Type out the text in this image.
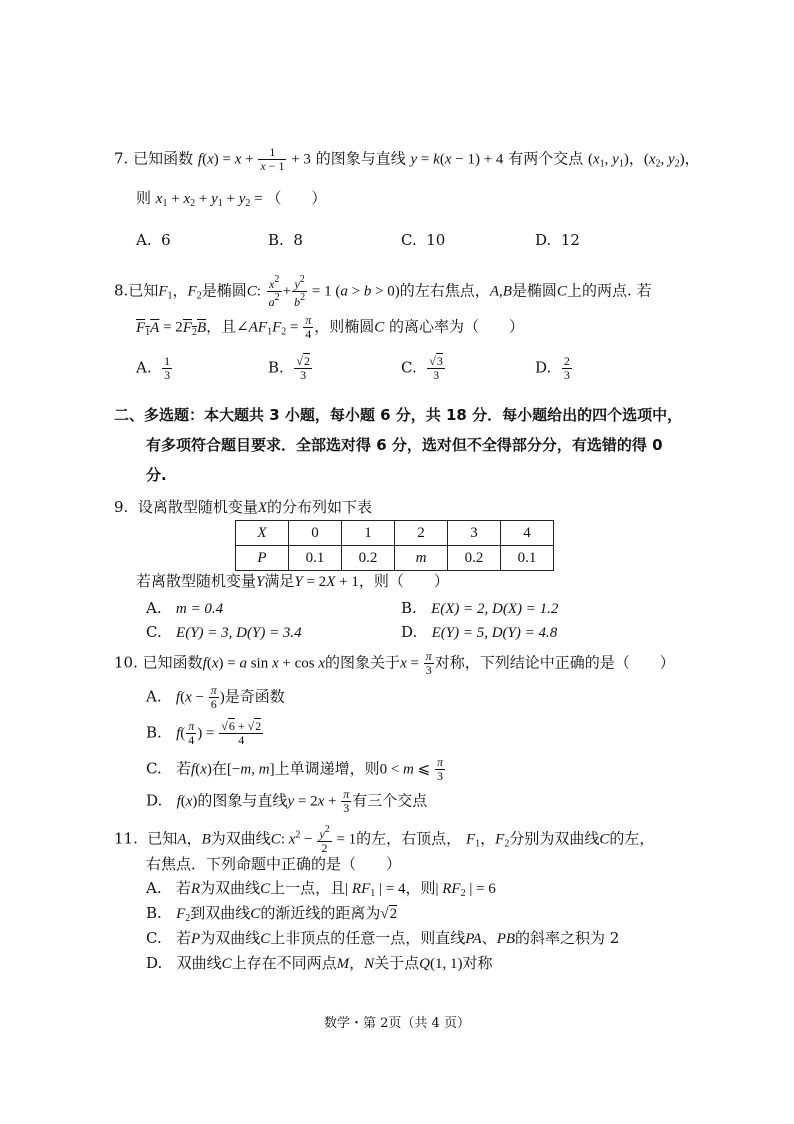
7. 已知函数 $f(x) = x + \frac{1}{x - 1} + 3$ 的图象与直线 y = k(x − 1) + 4 有两个交点 ($x_1$, $y_1$)，($x_2$, $y_2$)，
则 $x_1 + x_2 + y_1 + y_2$ = （　　）
A. 6	B. 8	C. 10	D. 12
8.已知$F_1$，$F_2$是椭圆C: $\frac{x^2}{a^2} + \frac{y^2}{b^2} = 1$ (a > b > 0)的左右焦点，A,B是椭圆C上的两点. 若
$F_1A = 2F_2B$，且$\angle AF_1F_2 = \frac{\pi}{4}$ ，则椭圆C 的离心率为（　　）
A. $\frac{1}{3}$	B. $\frac{√2}{3}$	C. $\frac{√3}{3}$	D. $\frac{2}{3}$
二、多选题：本大题共 3 小题，每小题 6 分，共 18 分．每小题给出的四个选项中，
有多项符合题目要求．全部选对得 6 分，选对但不全得部分分，有选错的得 0
分.
9. 设离散型随机变量X的分布列如下表
X	0	1	2	3	4
P	0.1	0.2	m	0.2	0.1
若离散型随机变量Y满足Y = 2X + 1，则（　　）
A. m = 0.4	B. E(X) = 2, D(X) = 1.2
C. E(Y) = 3, D(Y) = 3.4	D. E(Y) = 5, D(Y) = 4.8
10. 已知函数f(x) = a sin x + cos x的图象关于$x = \frac{\pi}{3}$ 对称，下列结论中正确的是（　　）
A. $f(x - \frac{\pi}{6}$ )是奇函数
B. $f( \frac{\pi}{4}$ ) = $\frac{√6 + √2}{4}$
C. 若f(x)在[−m, m]上单调递增，则0 < m ⩽ $\frac{\pi}{3}$
D. f(x)的图象与直线$y = 2x + \frac{\pi}{3}$ 有三个交点
11. 已知A，B为双曲线C: $x^2 - \frac{y^2}{2} = 1$的左，右顶点， $F_1$，$F_2$分别为双曲线C的左，
右焦点．下列命题中正确的是（　　）
A. 若R为双曲线C上一点，且| $RF_1$ | = 4，则| $RF_2$ | = 6
B. $F_2$到双曲线C的渐近线的距离为√2
C. 若P为双曲线C上非顶点的任意一点，则直线PA、PB的斜率之积为 2
D. 双曲线C上存在不同两点M，N关于点Q(1, 1)对称
数学・第 2页（共 4 页）
